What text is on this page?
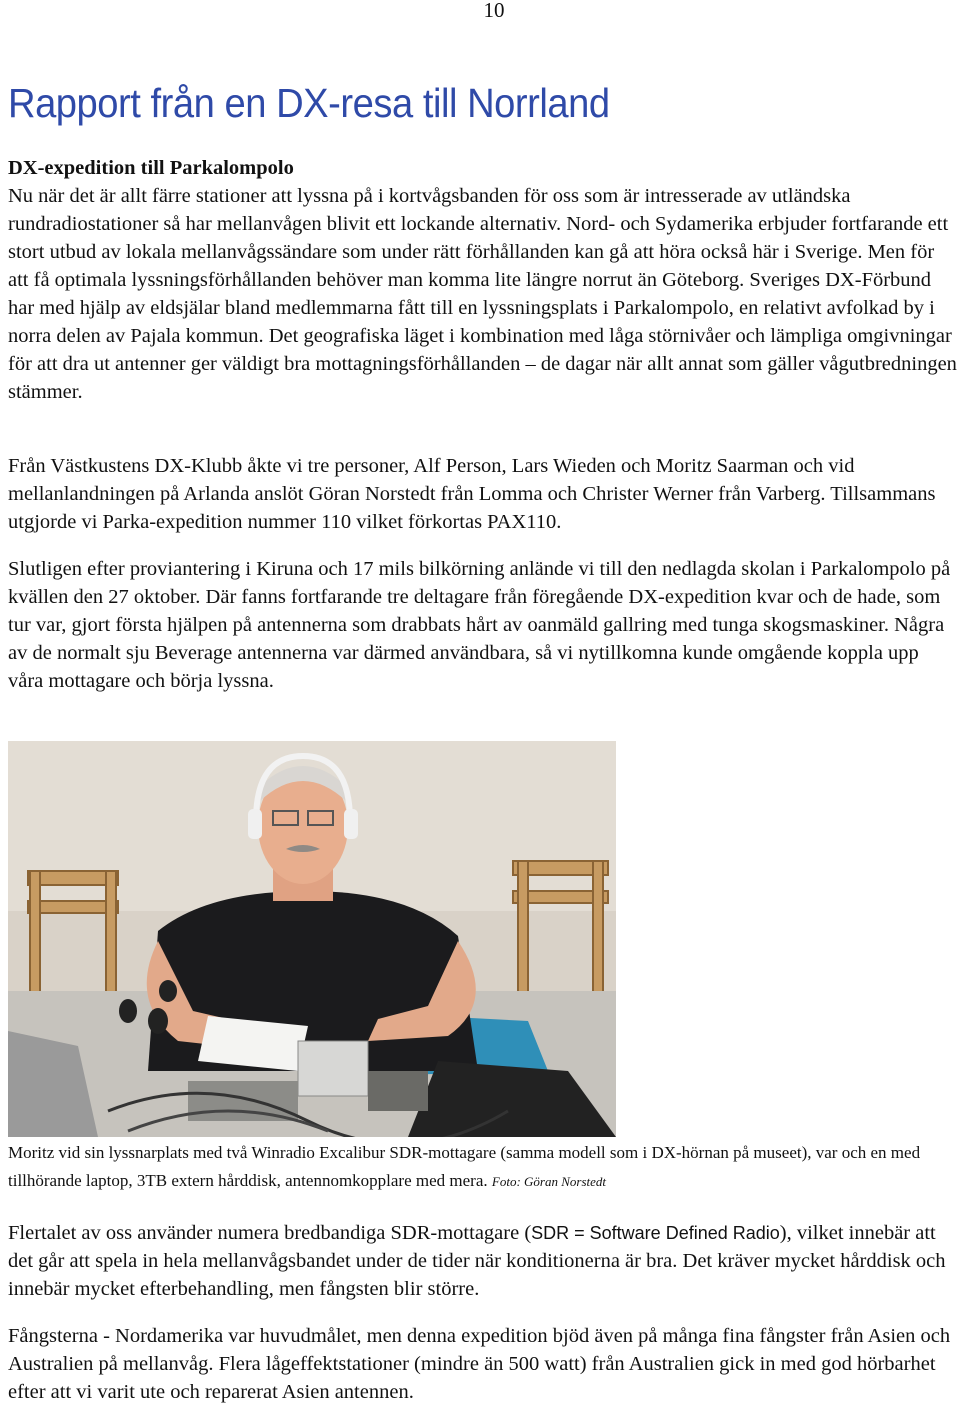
10
Rapport från en DX-resa till Norrland

DX-expedition till Parkalompolo
Nu när det är allt färre stationer att lyssna på i kortvågsbanden för oss som är intresserade av utländska rundradiostationer så har mellanvågen blivit ett lockande alternativ. Nord- och Sydamerika erbjuder fortfarande ett stort utbud av lokala mellanvågssändare som under rätt förhållanden kan gå att höra också här i Sverige. Men för att få optimala lyssningsförhållanden behöver man komma lite längre norrut än Göteborg. Sveriges DX-Förbund har med hjälp av eldsjälar bland medlemmarna fått till en lyssningsplats i Parkalompolo, en relativt avfolkad by i norra delen av Pajala kommun. Det geografiska läget i kombination med låga störnivåer och lämpliga omgivningar för att dra ut antenner ger väldigt bra mottagningsförhållanden – de dagar när allt annat som gäller vågutbredningen stämmer.

Från Västkustens DX-Klubb åkte vi tre personer, Alf Person, Lars Wieden och Moritz Saarman och vid mellanlandningen på Arlanda anslöt Göran Norstedt från Lomma och Christer Werner från Varberg. Tillsammans utgjorde vi Parka-expedition nummer 110 vilket förkortas PAX110.

Slutligen efter proviantering i Kiruna och 17 mils bilkörning anlände vi till den nedlagda skolan i Parkalompolo på kvällen den 27 oktober. Där fanns fortfarande tre deltagare från föregående DX-expedition kvar och de hade, som tur var, gjort första hjälpen på antennerna som drabbats hårt av oanmäld gallring med tunga skogsmaskiner. Några av de normalt sju Beverage antennerna var därmed användbara, så vi nytillkomna kunde omgående koppla upp våra mottagare och börja lyssna.

Moritz vid sin lyssnarplats med två Winradio Excalibur SDR-mottagare (samma modell som i DX-hörnan på museet), var och en med tillhörande laptop, 3TB extern hårddisk, antennomkopplare med mera. Foto: Göran Norstedt

Flertalet av oss använder numera bredbandiga SDR-mottagare (SDR = Software Defined Radio), vilket innebär att det går att spela in hela mellanvågsbandet under de tider när konditionerna är bra. Det kräver mycket hårddisk och innebär mycket efterbehandling, men fångsten blir större.

Fångsterna - Nordamerika var huvudmålet, men denna expedition bjöd även på många fina fångster från Asien och Australien på mellanvåg. Flera lågeffektstationer (mindre än 500 watt) från Australien gick in med god hörbarhet efter att vi varit ute och reparerat Asien antennen.
